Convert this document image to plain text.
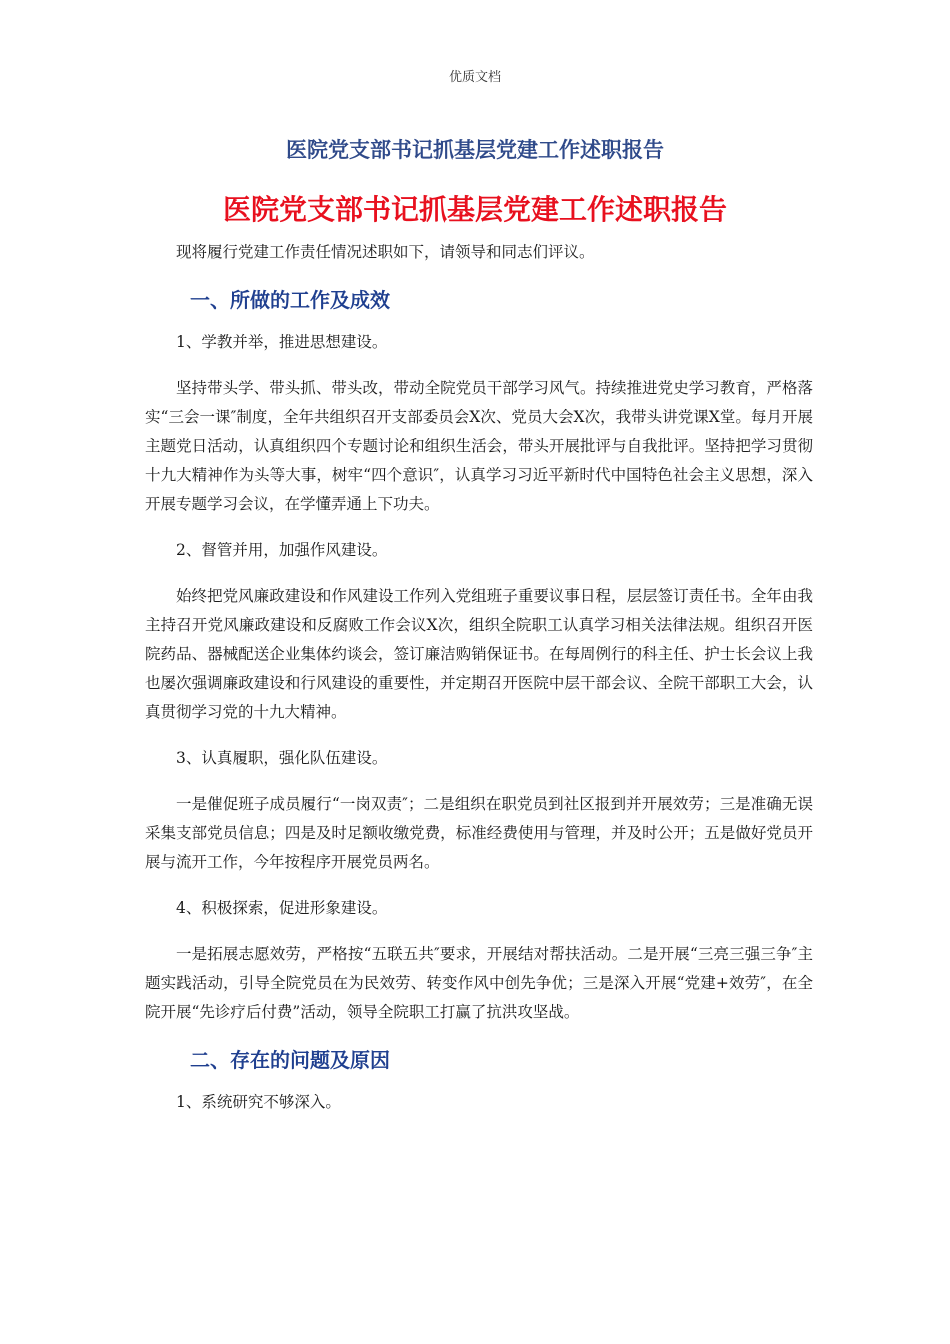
优质文档
医院党支部书记抓基层党建工作述职报告
医院党支部书记抓基层党建工作述职报告

现将履行党建工作责任情况述职如下，请领导和同志们评议。

一、所做的工作及成效

1、学教并举，推进思想建设。

坚持带头学、带头抓、带头改，带动全院党员干部学习风气。持续推进党史学习教育，严格落实“三会一课″制度，全年共组织召开支部委员会X次、党员大会X次，我带头讲党课X堂。每月开展主题党日活动，认真组织四个专题讨论和组织生活会，带头开展批评与自我批评。坚持把学习贯彻十九大精神作为头等大事，树牢“四个意识″，认真学习习近平新时代中国特色社会主义思想，深入开展专题学习会议，在学懂弄通上下功夫。

2、督管并用，加强作风建设。

始终把党风廉政建设和作风建设工作列入党组班子重要议事日程，层层签订责任书。全年由我主持召开党风廉政建设和反腐败工作会议X次，组织全院职工认真学习相关法律法规。组织召开医院药品、器械配送企业集体约谈会，签订廉洁购销保证书。在每周例行的科主任、护士长会议上我也屡次强调廉政建设和行风建设的重要性，并定期召开医院中层干部会议、全院干部职工大会，认真贯彻学习党的十九大精神。

3、认真履职，强化队伍建设。

一是催促班子成员履行“一岗双责″；二是组织在职党员到社区报到并开展效劳；三是准确无误采集支部党员信息；四是及时足额收缴党费，标准经费使用与管理，并及时公开；五是做好党员开展与流开工作，今年按程序开展党员两名。

4、积极探索，促进形象建设。

一是拓展志愿效劳，严格按“五联五共″要求，开展结对帮扶活动。二是开展“三亮三强三争″主题实践活动，引导全院党员在为民效劳、转变作风中创先争优；三是深入开展“党建+效劳″，在全院开展“先诊疗后付费”活动，领导全院职工打赢了抗洪攻坚战。

二、存在的问题及原因

1、系统研究不够深入。
